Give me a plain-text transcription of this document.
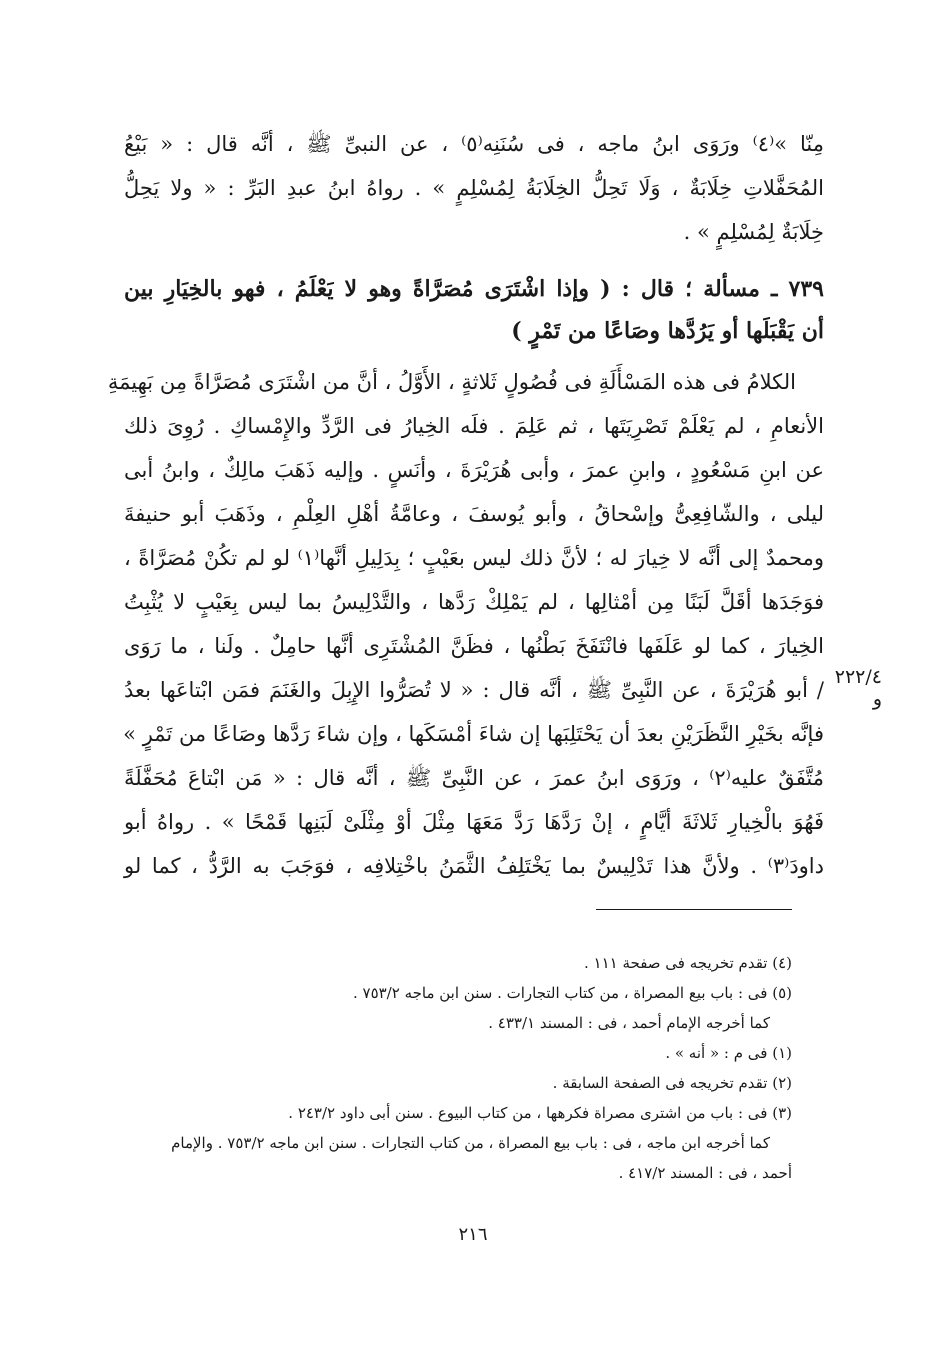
مِنّا »⁽٤⁾ ورَوَى ابنُ ماجه ، فى سُنَنِه⁽٥⁾ ، عن النبىِّ ﷺ ، أنَّه قال : « بَيْعُ
المُحَفَّلاتِ خِلَابَةٌ ، وَلَا تَحِلُّ الخِلَابَةُ لِمُسْلِمٍ » . رواهُ ابنُ عبدِ البَرِّ : « ولا يَحِلُّ
خِلَابَةٌ لِمُسْلِمٍ » .
٧٣٩ ـ مسألة ؛ قال : ( وإذا اشْتَرَى مُصَرَّاةً وهو لا يَعْلَمُ ، فهو بالخِيَارِ بين
أن يَقْبَلَها أو يَرُدَّها وصَاعًا من تَمْرٍ )
الكلامُ فى هذه المَسْأَلَةِ فى فُصُولٍ ثَلاثةٍ ، الأَوَّلُ ، أنَّ من اشْتَرَى مُصَرَّاةً مِن بَهِيمَةِ
الأنعامِ ، لم يَعْلَمْ تَصْرِيَتَها ، ثم عَلِمَ . فلَه الخِيارُ فى الرَّدِّ والإِمْساكِ . رُوِىَ ذلك
عن ابنِ مَسْعُودٍ ، وابنِ عمرَ ، وأبى هُرَيْرَةَ ، وأنَسٍ . وإليه ذَهَبَ مالِكٌ ، وابنُ أبى
ليلى ، والشّافِعِىُّ وإسْحاقُ ، وأبو يُوسفَ ، وعامَّةُ أهْلِ العِلْمِ ، وذَهَبَ أبو حنيفةَ
ومحمدٌ إلى أنَّه لا خِيارَ له ؛ لأنَّ ذلك ليس بعَيْبٍ ؛ بِدَلِيلِ أنَّها⁽١⁾ لو لم تكُنْ مُصَرَّاةً ،
فوَجَدَها أقَلَّ لَبَنًا مِن أمْثالِها ، لم يَمْلِكْ رَدَّها ، والتَّدْلِيسُ بما ليس بِعَيْبٍ لا يُثْبِتُ
الخِيارَ ، كما لو عَلَفَها فانْتَفَخَ بَطْنُها ، فظَنَّ المُشْتَرِى أنَّها حامِلٌ . ولَنا ، ما رَوَى
/ أبو هُرَيْرَةَ ، عن النَّبِىِّ ﷺ ، أنَّه قال : « لا تُصَرُّوا الإِبِلَ والغَنَمَ فمَن ابْتاعَها بعدُ
فإنَّه بخَيْرِ النَّظَرَيْنِ بعدَ أن يَحْتَلِبَها إن شاءَ أمْسَكَها ، وإن شاءَ رَدَّها وصَاعًا من تَمْرٍ »
مُتَّفَقٌ عليه⁽٢⁾ ، ورَوَى ابنُ عمرَ ، عن النَّبِىِّ ﷺ ، أنَّه قال : « مَن ابْتاعَ مُحَفَّلَةً
فَهُوَ بالْخِيارِ ثَلاثَةَ أيَّامٍ ، إنْ رَدَّهَا رَدَّ مَعَهَا مِثْلَ أوْ مِثْلَىْ لَبَنِها قَمْحًا » . رواهُ أبو
داودَ⁽٣⁾ . ولأنَّ هذا تَدْلِيسٌ بما يَخْتَلِفُ الثَّمَنُ باخْتِلافِه ، فوَجَبَ به الرَّدُّ ، كما لو
٢٢٢/٤ و
(٤) تقدم تخريجه فى صفحة ١١١ .
(٥) فى : باب بيع المصراة ، من كتاب التجارات . سنن ابن ماجه ٧٥٣/٢ .
كما أخرجه الإمام أحمد ، فى : المسند ٤٣٣/١ .
(١) فى م : « أنه » .
(٢) تقدم تخريجه فى الصفحة السابقة .
(٣) فى : باب من اشترى مصراة فكرهها ، من كتاب البيوع . سنن أبى داود ٢٤٣/٢ .
كما أخرجه ابن ماجه ، فى : باب بيع المصراة ، من كتاب التجارات . سنن ابن ماجه ٧٥٣/٢ . والإمام
أحمد ، فى : المسند ٤١٧/٢ .
٢١٦
